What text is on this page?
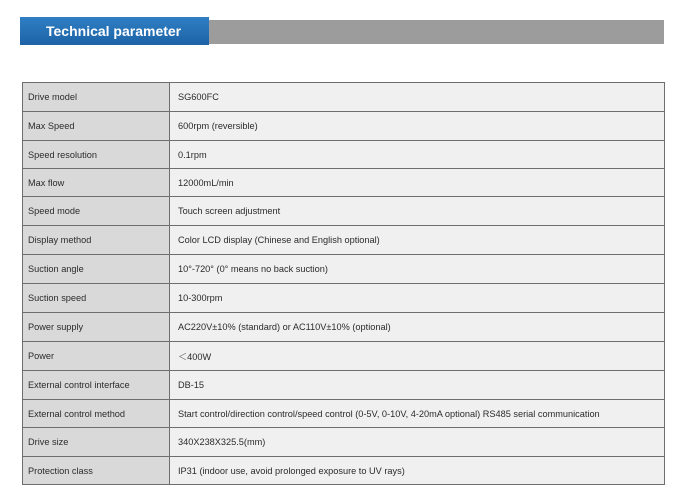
Technical parameter
Drive model	SG600FC
Max Speed	600rpm (reversible)
Speed resolution	0.1rpm
Max flow	12000mL/min
Speed mode	Touch screen adjustment
Display method	Color LCD display (Chinese and English optional)
Suction angle	10°-720° (0° means no back suction)
Suction speed	10-300rpm
Power supply	AC220V±10% (standard) or AC110V±10% (optional)
Power	＜400W
External control interface	DB-15
External control method	Start control/direction control/speed control (0-5V, 0-10V, 4-20mA optional) RS485 serial communication
Drive size	340X238X325.5(mm)
Protection class	IP31 (indoor use, avoid prolonged exposure to UV rays)
